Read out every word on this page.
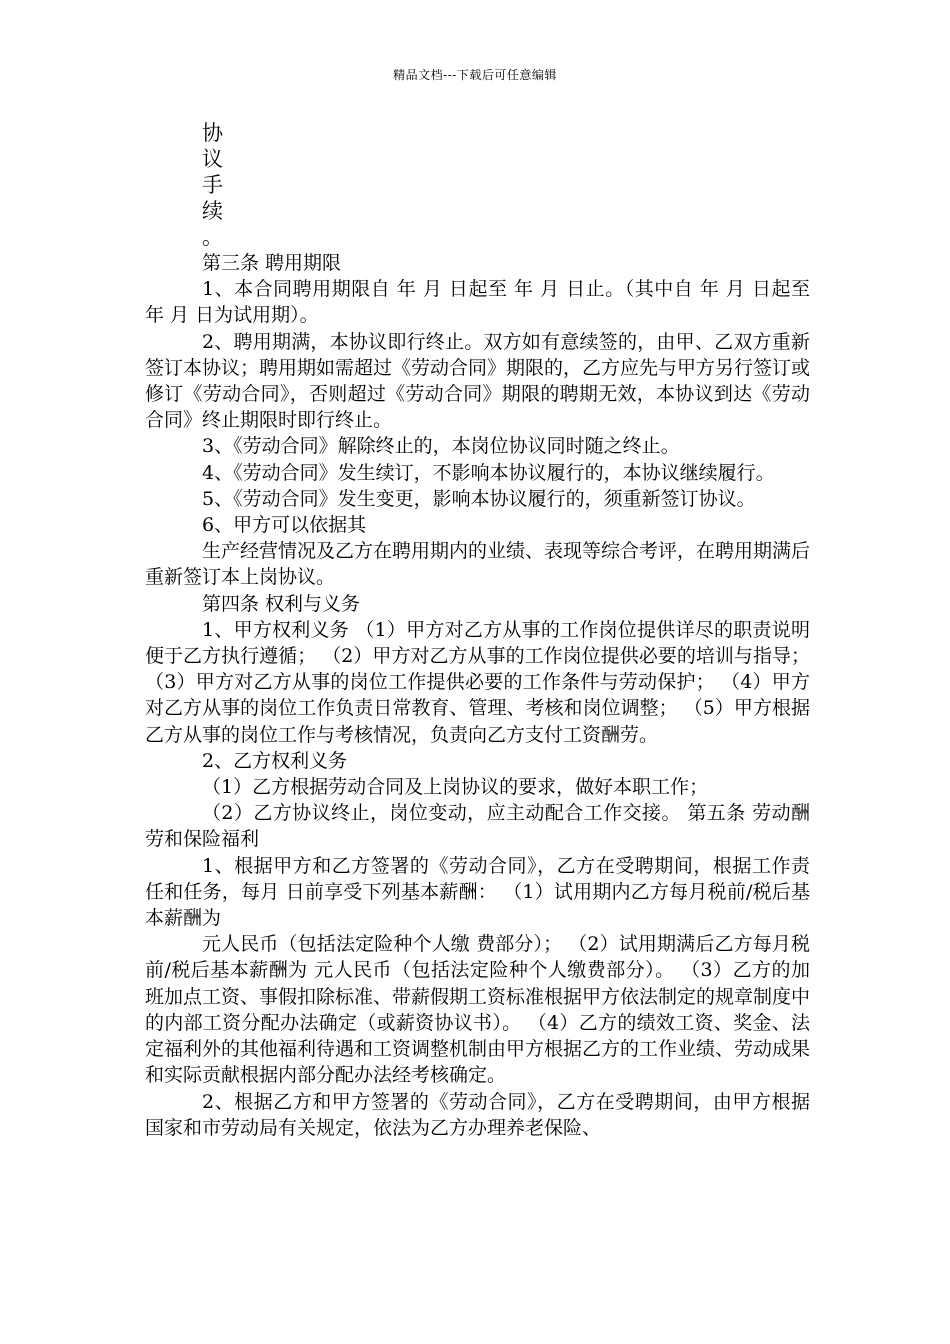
精品文档---下载后可任意编辑
协
议
手
续
。

第三条 聘用期限

1、本合同聘用期限自 年 月 日起至 年 月 日止。（其中自 年 月 日起至 年 月 日为试用期）。

2、聘用期满，本协议即行终止。双方如有意续签的，由甲、乙双方重新签订本协议；聘用期如需超过《劳动合同》期限的，乙方应先与甲方另行签订或修订《劳动合同》，否则超过《劳动合同》期限的聘期无效，本协议到达《劳动合同》终止期限时即行终止。

3、《劳动合同》解除终止的，本岗位协议同时随之终止。

4、《劳动合同》发生续订，不影响本协议履行的，本协议继续履行。

5、《劳动合同》发生变更，影响本协议履行的，须重新签订协议。

6、甲方可以依据其

生产经营情况及乙方在聘用期内的业绩、表现等综合考评，在聘用期满后重新签订本上岗协议。

第四条 权利与义务

1、甲方权利义务 （1）甲方对乙方从事的工作岗位提供详尽的职责说明便于乙方执行遵循； （2）甲方对乙方从事的工作岗位提供必要的培训与指导； （3）甲方对乙方从事的岗位工作提供必要的工作条件与劳动保护； （4）甲方对乙方从事的岗位工作负责日常教育、管理、考核和岗位调整； （5）甲方根据乙方从事的岗位工作与考核情况，负责向乙方支付工资酬劳。

2、乙方权利义务

（1）乙方根据劳动合同及上岗协议的要求，做好本职工作；

（2）乙方协议终止，岗位变动，应主动配合工作交接。 第五条 劳动酬劳和保险福利

1、根据甲方和乙方签署的《劳动合同》，乙方在受聘期间，根据工作责任和任务，每月 日前享受下列基本薪酬： （1）试用期内乙方每月税前/税后基本薪酬为

元人民币（包括法定险种个人缴 费部分）； （2）试用期满后乙方每月税前/税后基本薪酬为 元人民币（包括法定险种个人缴费部分）。 （3）乙方的加班加点工资、事假扣除标准、带薪假期工资标准根据甲方依法制定的规章制度中的内部工资分配办法确定（或薪资协议书）。 （4）乙方的绩效工资、奖金、法定福利外的其他福利待遇和工资调整机制由甲方根据乙方的工作业绩、劳动成果和实际贡献根据内部分配办法经考核确定。

2、根据乙方和甲方签署的《劳动合同》，乙方在受聘期间，由甲方根据国家和市劳动局有关规定，依法为乙方办理养老保险、
